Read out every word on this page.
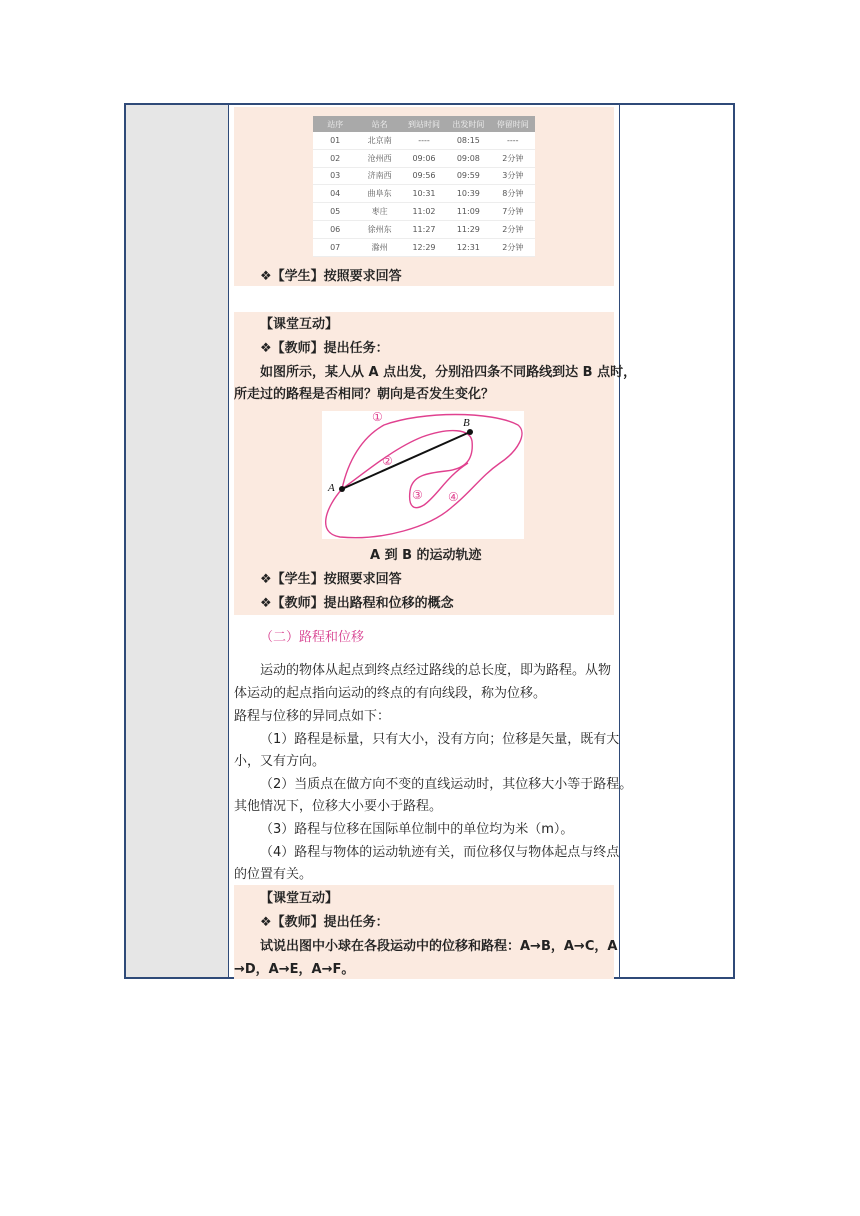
站序	站名	到站时间	出发时间	停留时间
01	北京南	----	08:15	----
02	沧州西	09:06	09:08	2分钟
03	济南西	09:56	09:59	3分钟
04	曲阜东	10:31	10:39	8分钟
05	枣庄	11:02	11:09	7分钟
06	徐州东	11:27	11:29	2分钟
07	滁州	12:29	12:31	2分钟
❖【学生】按照要求回答
【课堂互动】
❖【教师】提出任务：
如图所示，某人从 A 点出发，分别沿四条不同路线到达 B 点时，
所走过的路程是否相同？朝向是否发生变化？
A
B
①
②
③ ④
A 到 B 的运动轨迹
❖【学生】按照要求回答
❖【教师】提出路程和位移的概念
（二）路程和位移
运动的物体从起点到终点经过路线的总长度，即为路程。从物
体运动的起点指向运动的终点的有向线段，称为位移。
路程与位移的异同点如下：
（1）路程是标量，只有大小，没有方向；位移是矢量，既有大
小，又有方向。
（2）当质点在做方向不变的直线运动时，其位移大小等于路程。
其他情况下，位移大小要小于路程。
（3）路程与位移在国际单位制中的单位均为米（m）。
（4）路程与物体的运动轨迹有关，而位移仅与物体起点与终点
的位置有关。
【课堂互动】
❖【教师】提出任务：
试说出图中小球在各段运动中的位移和路程：A→B，A→C，A
→D，A→E，A→F。
